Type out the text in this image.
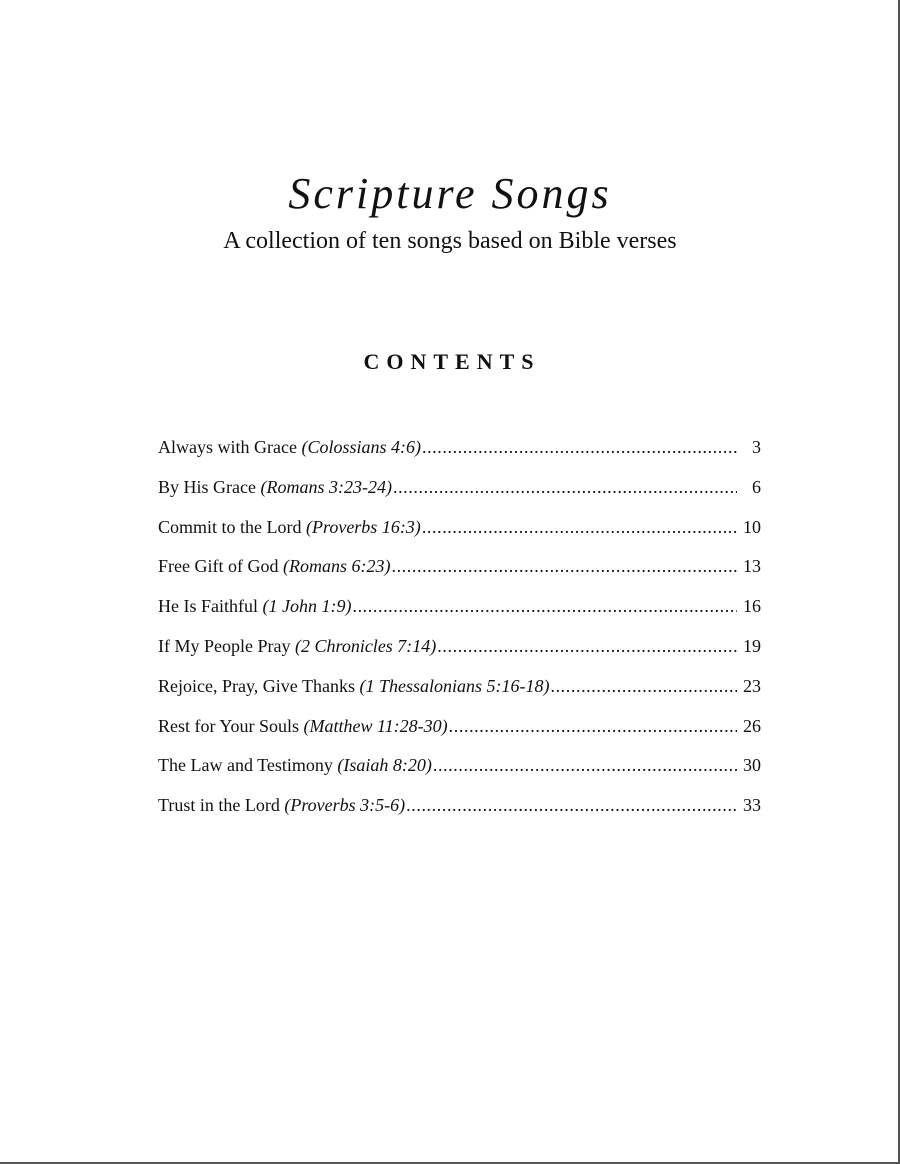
Scripture Songs
A collection of ten songs based on Bible verses
CONTENTS
Always with Grace (Colossians 4:6) .....	3
By His Grace (Romans 3:23-24) .....	6
Commit to the Lord (Proverbs 16:3) .....	10
Free Gift of God (Romans 6:23) .....	13
He Is Faithful (1 John 1:9) .....	16
If My People Pray (2 Chronicles 7:14) .....	19
Rejoice, Pray, Give Thanks (1 Thessalonians 5:16-18) .....	23
Rest for Your Souls (Matthew 11:28-30) .....	26
The Law and Testimony (Isaiah 8:20) .....	30
Trust in the Lord (Proverbs 3:5-6) .....	33
